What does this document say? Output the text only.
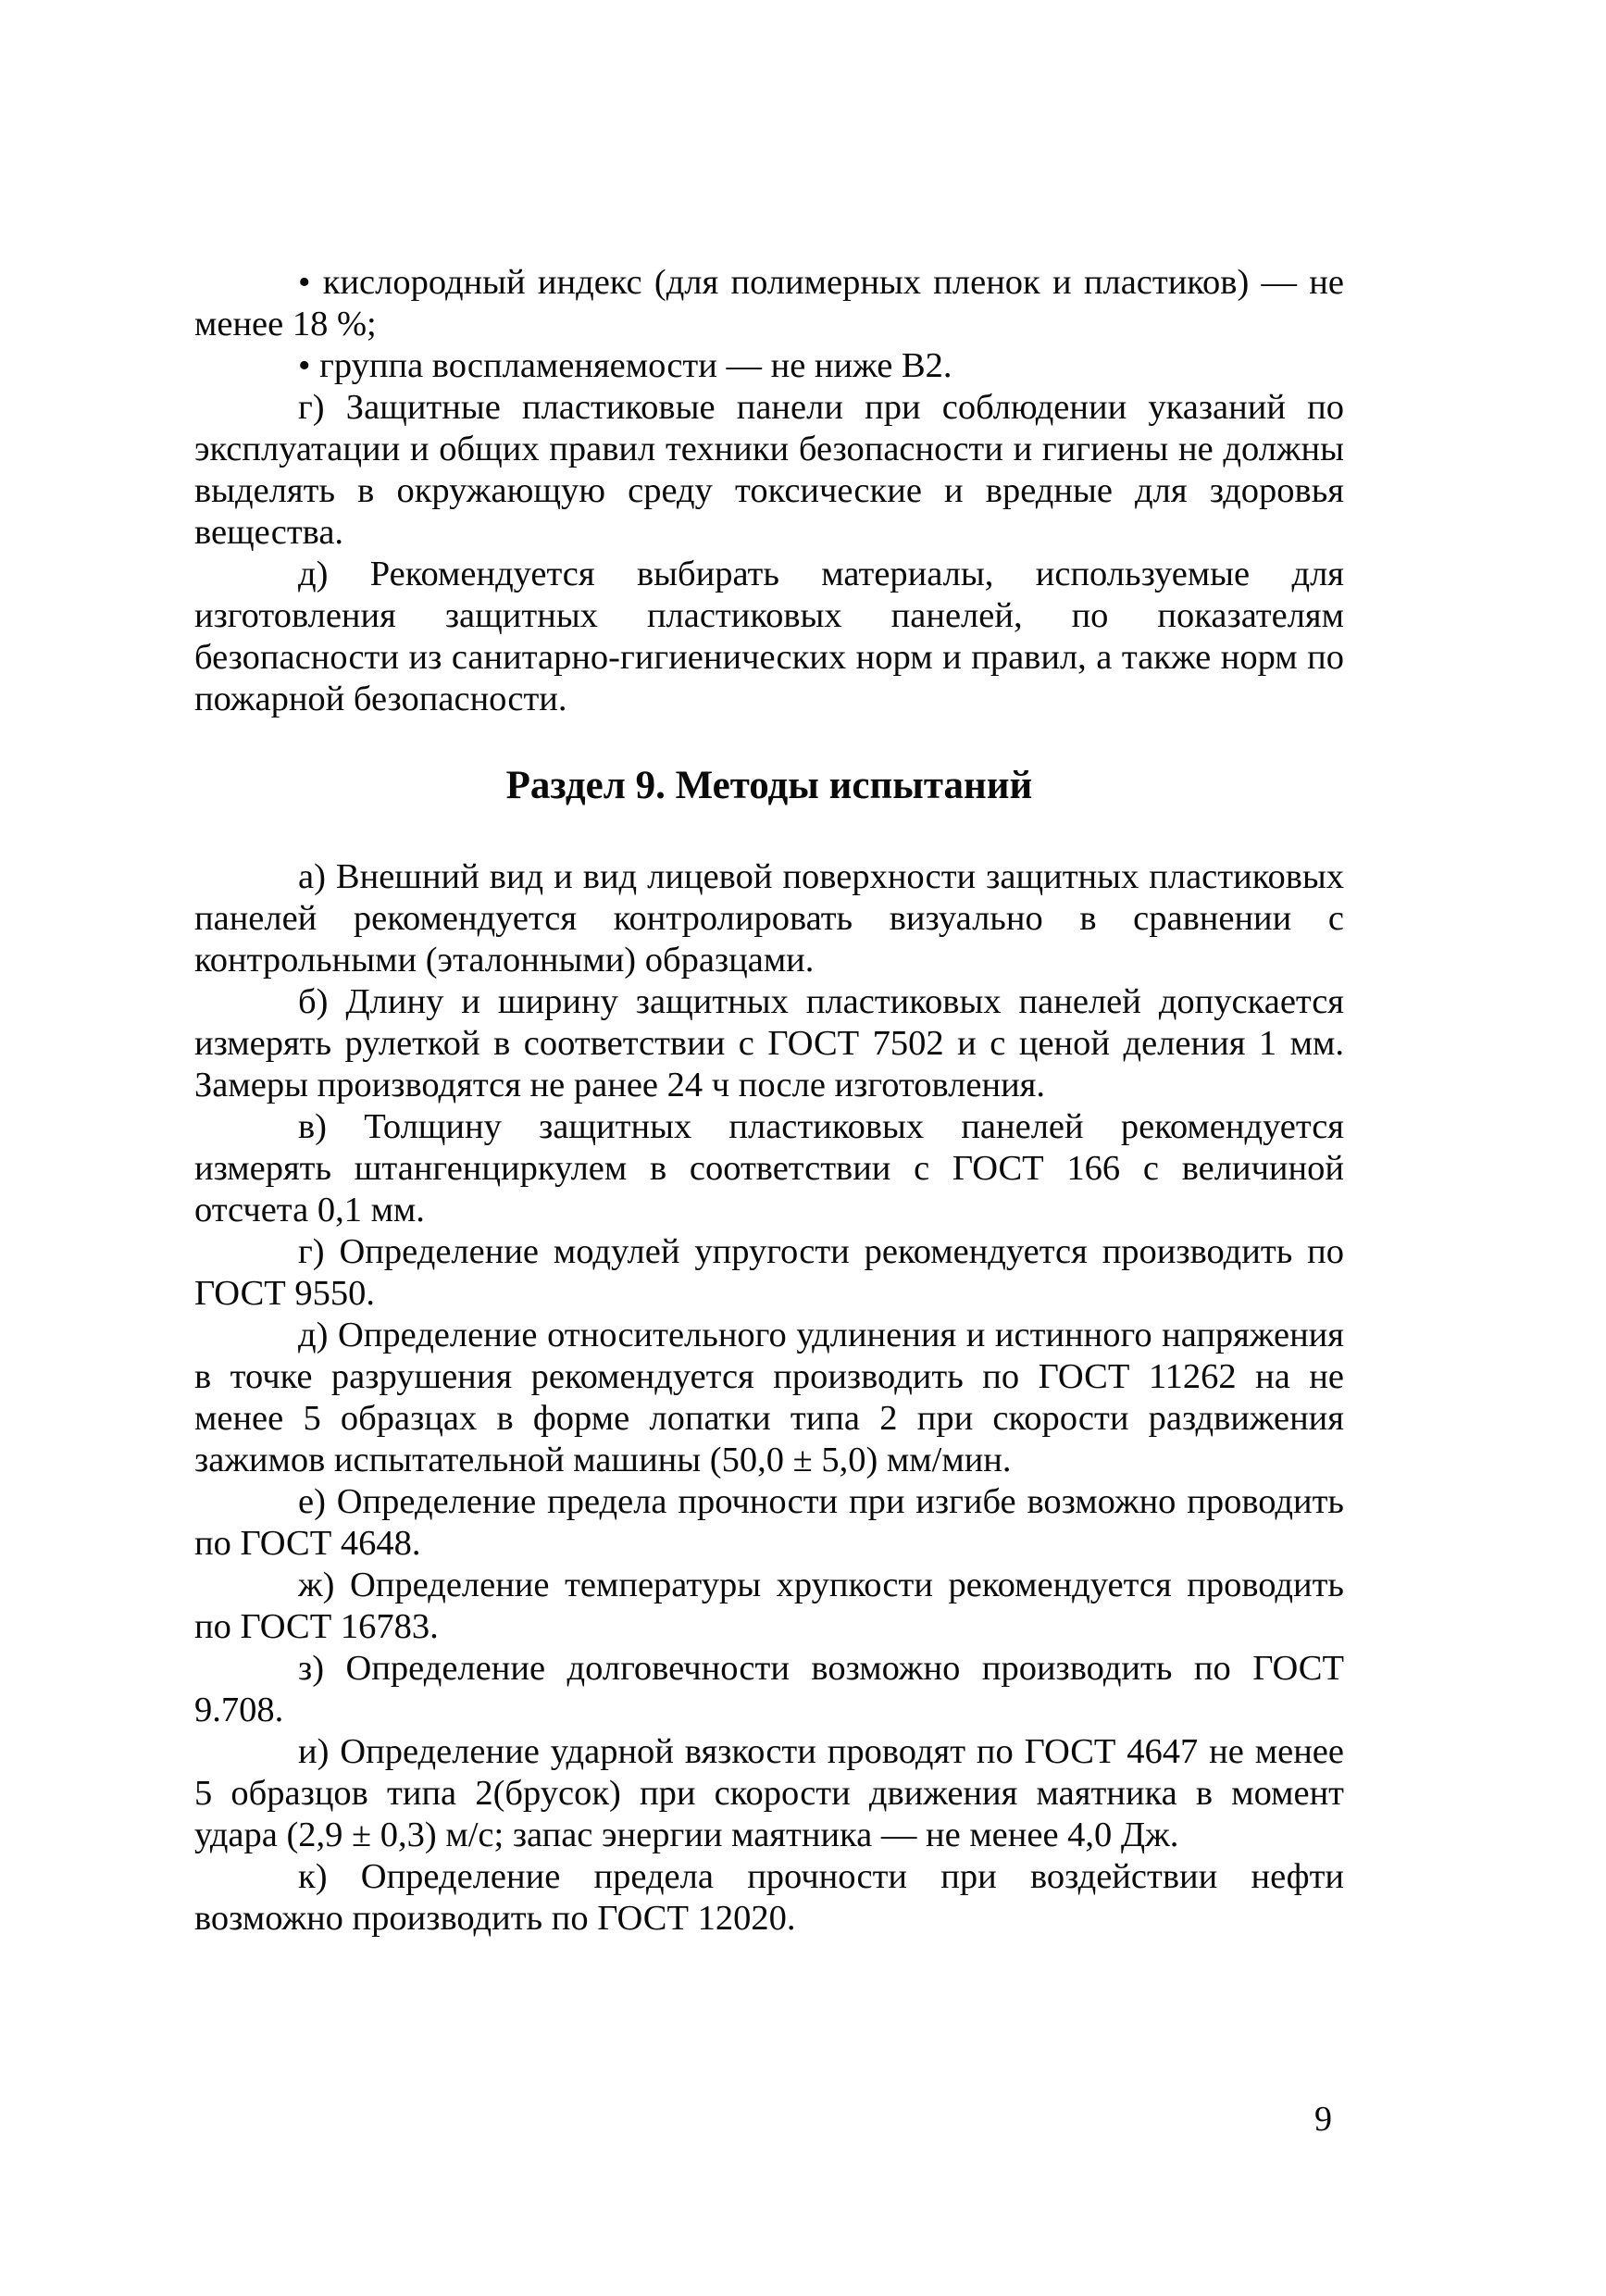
• кислородный индекс (для полимерных пленок и пластиков) — не менее 18 %;

• группа воспламеняемости — не ниже В2.

г) Защитные пластиковые панели при соблюдении указаний по эксплуатации и общих правил техники безопасности и гигиены не должны выделять в окружающую среду токсические и вредные для здоровья вещества.

д) Рекомендуется выбирать материалы, используемые для изготовления защитных пластиковых панелей, по показателям безопасности из санитарно-гигиенических норм и правил, а также норм по пожарной безопасности.

Раздел 9. Методы испытаний

а) Внешний вид и вид лицевой поверхности защитных пластиковых панелей рекомендуется контролировать визуально в сравнении с контрольными (эталонными) образцами.

б) Длину и ширину защитных пластиковых панелей допускается измерять рулеткой в соответствии с ГОСТ 7502 и с ценой деления 1 мм. Замеры производятся не ранее 24 ч после изготовления.

в) Толщину защитных пластиковых панелей рекомендуется измерять штангенциркулем в соответствии с ГОСТ 166 с величиной отсчета 0,1 мм.

г) Определение модулей упругости рекомендуется производить по ГОСТ 9550.

д) Определение относительного удлинения и истинного напряжения в точке разрушения рекомендуется производить по ГОСТ 11262 на не менее 5 образцах в форме лопатки типа 2 при скорости раздвижения зажимов испытательной машины (50,0 ± 5,0) мм/мин.

е) Определение предела прочности при изгибе возможно проводить по ГОСТ 4648.

ж) Определение температуры хрупкости рекомендуется проводить по ГОСТ 16783.

з) Определение долговечности возможно производить по ГОСТ 9.708.

и) Определение ударной вязкости проводят по ГОСТ 4647 не менее 5 образцов типа 2(брусок) при скорости движения маятника в момент удара (2,9 ± 0,3) м/с; запас энергии маятника — не менее 4,0 Дж.

к) Определение предела прочности при воздействии нефти возможно производить по ГОСТ 12020.

9
